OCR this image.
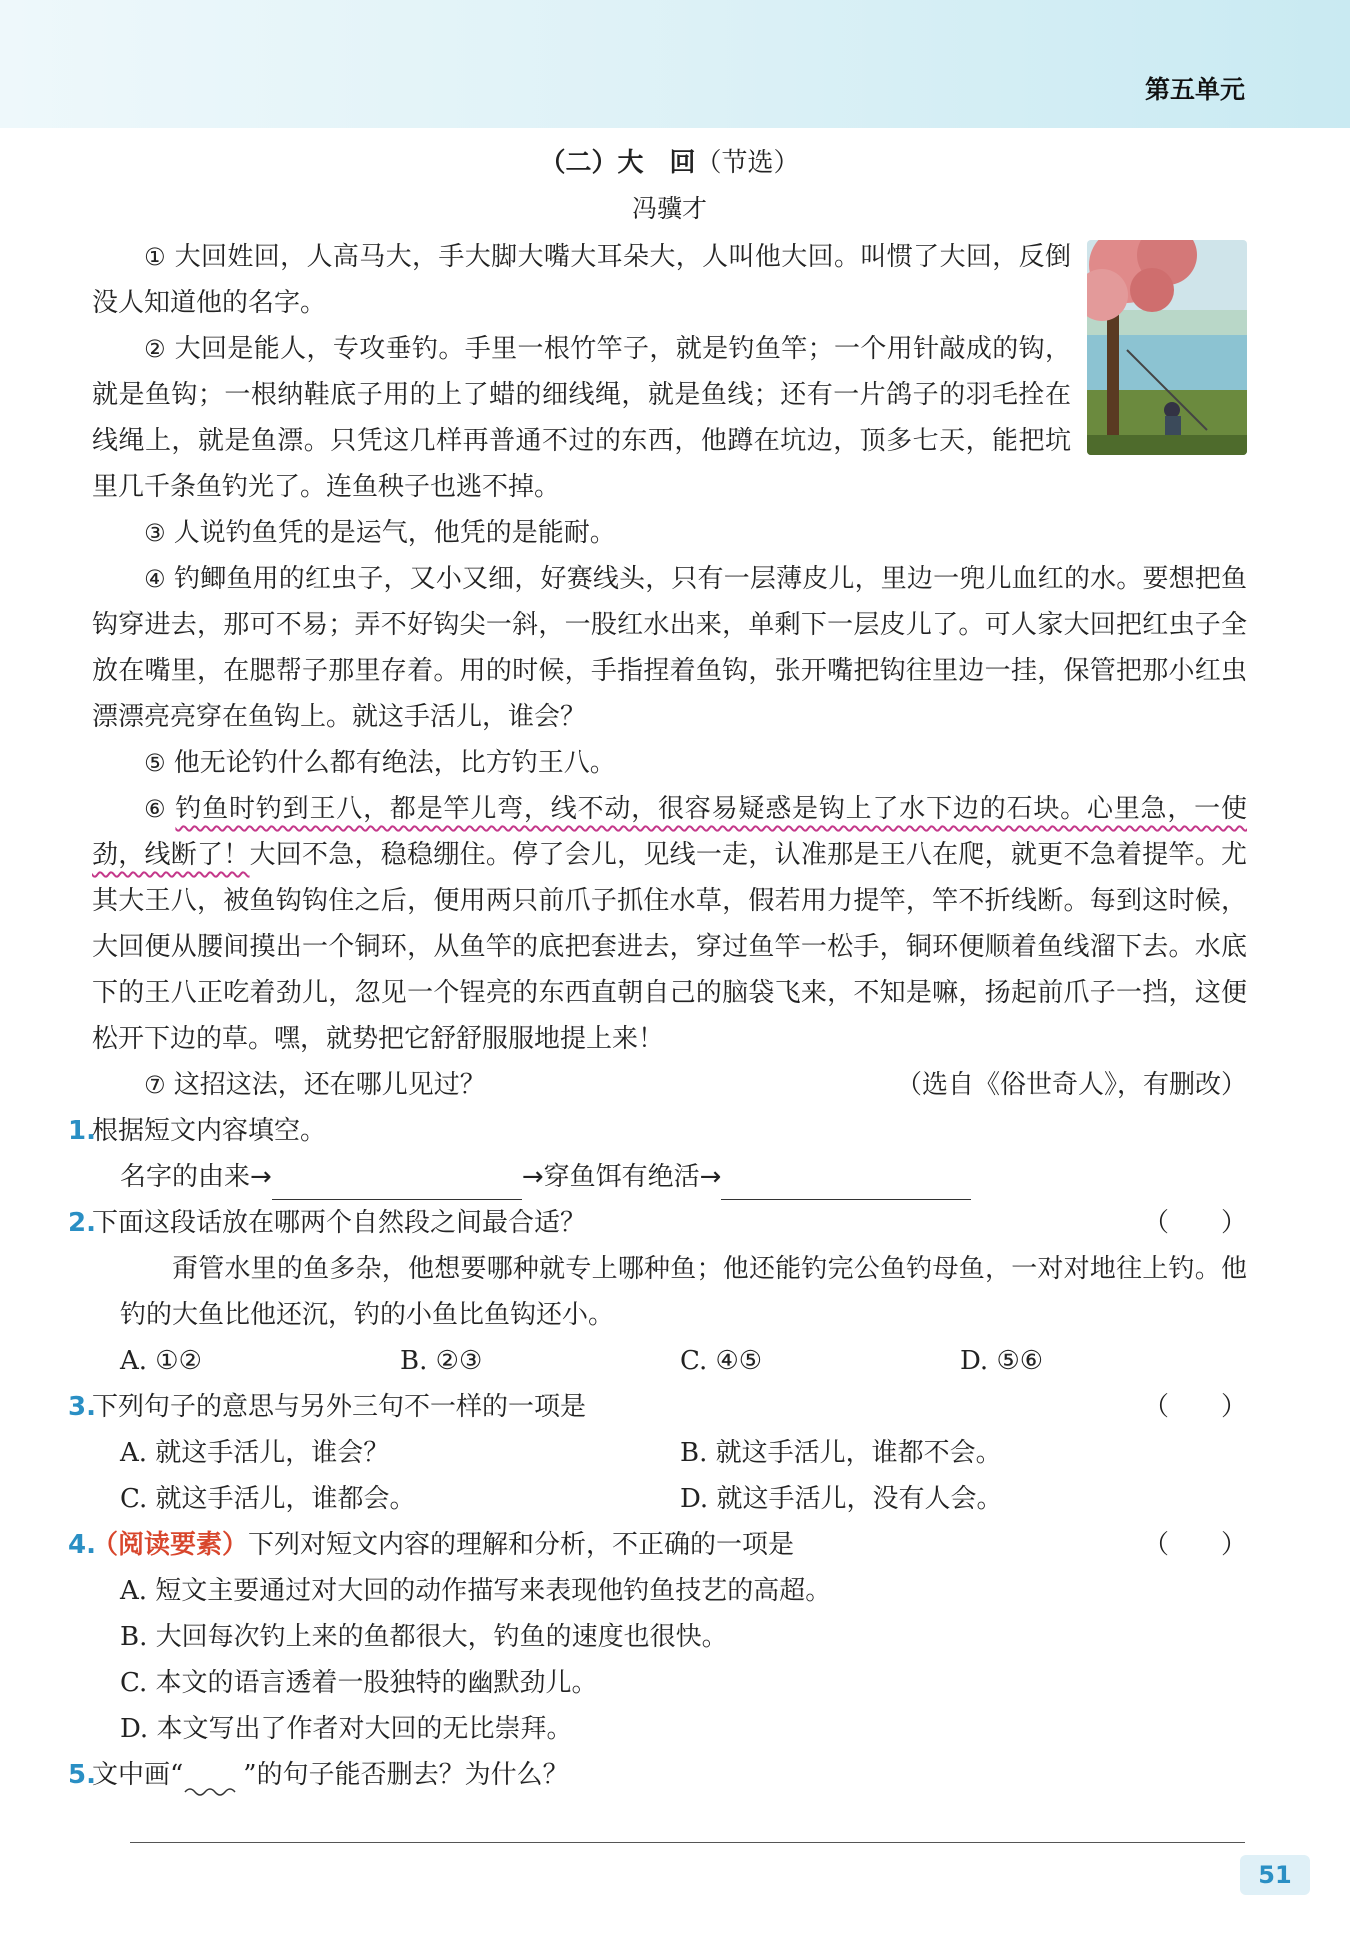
第五单元
（二）大　回（节选）
冯骥才

① 大回姓回，人高马大，手大脚大嘴大耳朵大，人叫他大回。叫惯了大回，反倒没人知道他的名字。

② 大回是能人，专攻垂钓。手里一根竹竿子，就是钓鱼竿；一个用针敲成的钩，就是鱼钩；一根纳鞋底子用的上了蜡的细线绳，就是鱼线；还有一片鸽子的羽毛拴在线绳上，就是鱼漂。只凭这几样再普通不过的东西，他蹲在坑边，顶多七天，能把坑里几千条鱼钓光了。连鱼秧子也逃不掉。

③ 人说钓鱼凭的是运气，他凭的是能耐。

④ 钓鲫鱼用的红虫子，又小又细，好赛线头，只有一层薄皮儿，里边一兜儿血红的水。要想把鱼钩穿进去，那可不易；弄不好钩尖一斜，一股红水出来，单剩下一层皮儿了。可人家大回把红虫子全放在嘴里，在腮帮子那里存着。用的时候，手指捏着鱼钩，张开嘴把钩往里边一挂，保管把那小红虫漂漂亮亮穿在鱼钩上。就这手活儿，谁会？

⑤ 他无论钓什么都有绝法，比方钓王八。

⑥ 钓鱼时钓到王八，都是竿儿弯，线不动，很容易疑惑是钩上了水下边的石块。心里急，一使劲，线断了！大回不急，稳稳绷住。停了会儿，见线一走，认准那是王八在爬，就更不急着提竿。尤其大王八，被鱼钩钩住之后，便用两只前爪子抓住水草，假若用力提竿，竿不折线断。每到这时候，大回便从腰间摸出一个铜环，从鱼竿的底把套进去，穿过鱼竿一松手，铜环便顺着鱼线溜下去。水底下的王八正吃着劲儿，忽见一个锃亮的东西直朝自己的脑袋飞来，不知是嘛，扬起前爪子一挡，这便松开下边的草。嘿，就势把它舒舒服服地提上来！

⑦ 这招这法，还在哪儿见过？	（选自《俗世奇人》，有删改）
1.根据短文内容填空。
名字的由来→	→穿鱼饵有绝活→
2.下面这段话放在哪两个自然段之间最合适？	（　　）

甭管水里的鱼多杂，他想要哪种就专上哪种鱼；他还能钓完公鱼钓母鱼，一对对地往上钓。他钓的大鱼比他还沉，钓的小鱼比鱼钩还小。

A. ①②	B. ②③	C. ④⑤	D. ⑤⑥
3.下列句子的意思与另外三句不一样的一项是	（　　）
A. 就这手活儿，谁会？	B. 就这手活儿，谁都不会。
C. 就这手活儿，谁都会。	D. 就这手活儿，没有人会。
4.（阅读要素）下列对短文内容的理解和分析，不正确的一项是	（　　）
A. 短文主要通过对大回的动作描写来表现他钓鱼技艺的高超。
B. 大回每次钓上来的鱼都很大，钓鱼的速度也很快。
C. 本文的语言透着一股独特的幽默劲儿。
D. 本文写出了作者对大回的无比崇拜。
5.文中画“ ”的句子能否删去？为什么？
51
